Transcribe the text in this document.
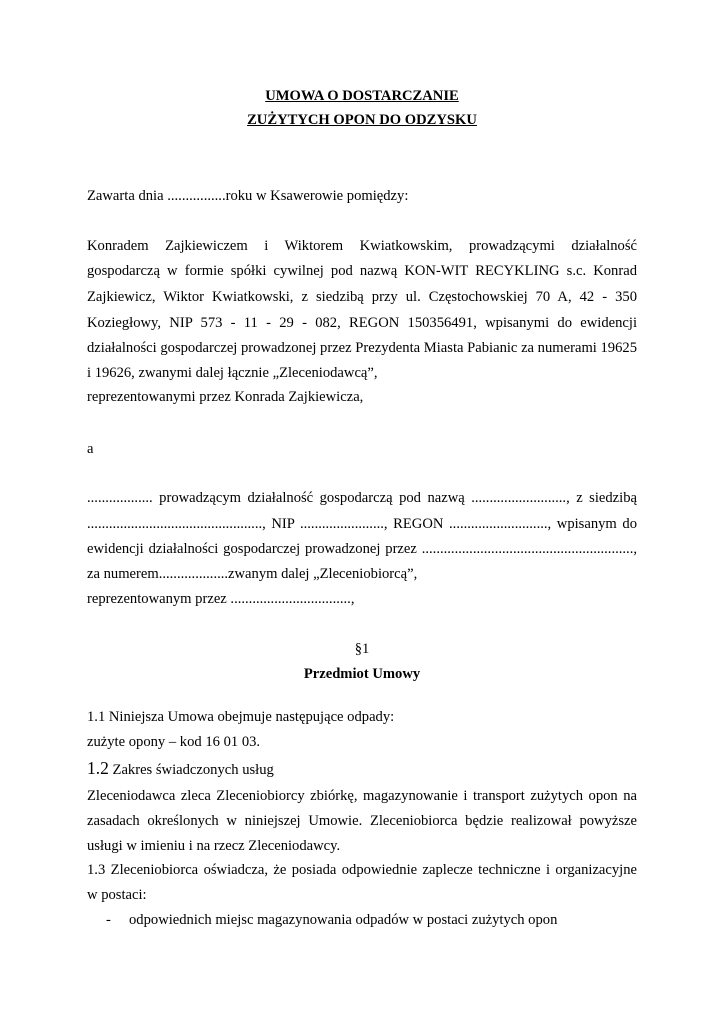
UMOWA O DOSTARCZANIE
ZUŻYTYCH OPON DO ODZYSKU
Zawarta dnia ................roku w Ksawerowie pomiędzy:
Konradem Zajkiewiczem i Wiktorem Kwiatkowskim, prowadzącymi działalność
gospodarczą w formie spółki cywilnej pod nazwą KON-WIT RECYKLING s.c. Konrad
Zajkiewicz, Wiktor Kwiatkowski, z siedzibą przy ul. Częstochowskiej 70 A, 42 - 350
Koziegłowy, NIP 573 - 11 - 29 - 082, REGON 150356491, wpisanymi do ewidencji
działalności gospodarczej prowadzonej przez Prezydenta Miasta Pabianic za numerami 19625
i 19626, zwanymi dalej łącznie „Zleceniodawcą”,
reprezentowanymi przez Konrada Zajkiewicza,
a
.................. prowadzącym działalność gospodarczą pod nazwą .........................., z siedzibą
................................................, NIP ......................., REGON ..........................., wpisanym do
ewidencji działalności gospodarczej prowadzonej przez ..........................................................,
za numerem...................zwanym dalej „Zleceniobiorcą”,
reprezentowanym przez .................................,
§1
Przedmiot Umowy
1.1 Niniejsza Umowa obejmuje następujące odpady:
zużyte opony – kod 16 01 03.
1.2 Zakres świadczonych usług
Zleceniodawca zleca Zleceniobiorcy zbiórkę, magazynowanie i transport zużytych opon na
zasadach określonych w niniejszej Umowie. Zleceniobiorca będzie realizował powyższe
usługi w imieniu i na rzecz Zleceniodawcy.
1.3 Zleceniobiorca oświadcza, że posiada odpowiednie zaplecze techniczne i organizacyjne
w postaci:
- odpowiednich miejsc magazynowania odpadów w postaci zużytych opon
